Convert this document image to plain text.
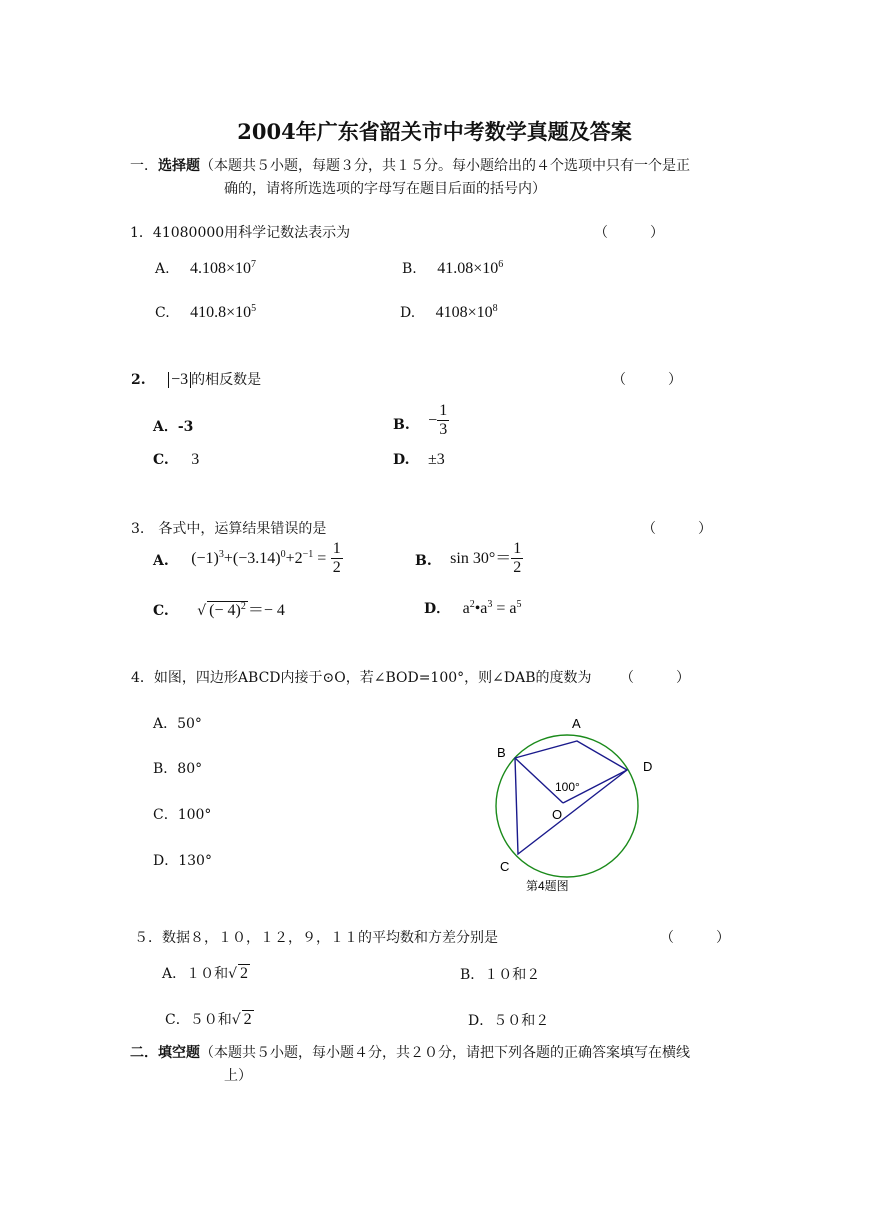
2004年广东省韶关市中考数学真题及答案
一．选择题（本题共５小题，每题３分，共１５分。每小题给出的４个选项中只有一个是正
确的，请将所选选项的字母写在题目后面的括号内）
1．41080000用科学记数法表示为	（　　　）
A. $4.108\times 10^7$	B. $41.08\times 10^6$
C. $410.8\times 10^5$	D. $4108\times 10^8$
2. −3 的相反数是	（　　　）
A．-3	B. − $\frac{1}{3}$
C. 3	D. ±3
3.　各式中，运算结果错误的是	（　　　）
A. $(-1)^3+(-3.14)^0+2^{-1} = \frac{1}{2}$	B. $\sin 30^\circ= \frac{1}{2}$
C. √ (− 4)$^2$ ＝− 4	D． $a^2•a^3 = a^5$
4．如图，四边形ABCD内接于⊙O，若∠BOD=100°，则∠DAB的度数为 （　　　）
A．50°
B．80°
C．100°
D．130°
A
B
C
D
O
100°
第4题图
５．数据８，１０，１２，９，１１的平均数和方差分别是	（　　　）
A．１０和√ 2	B．１０和２
C．５０和√ 2	D．５０和２
二．填空题（本题共５小题，每小题４分，共２０分，请把下列各题的正确答案填写在横线
上）
